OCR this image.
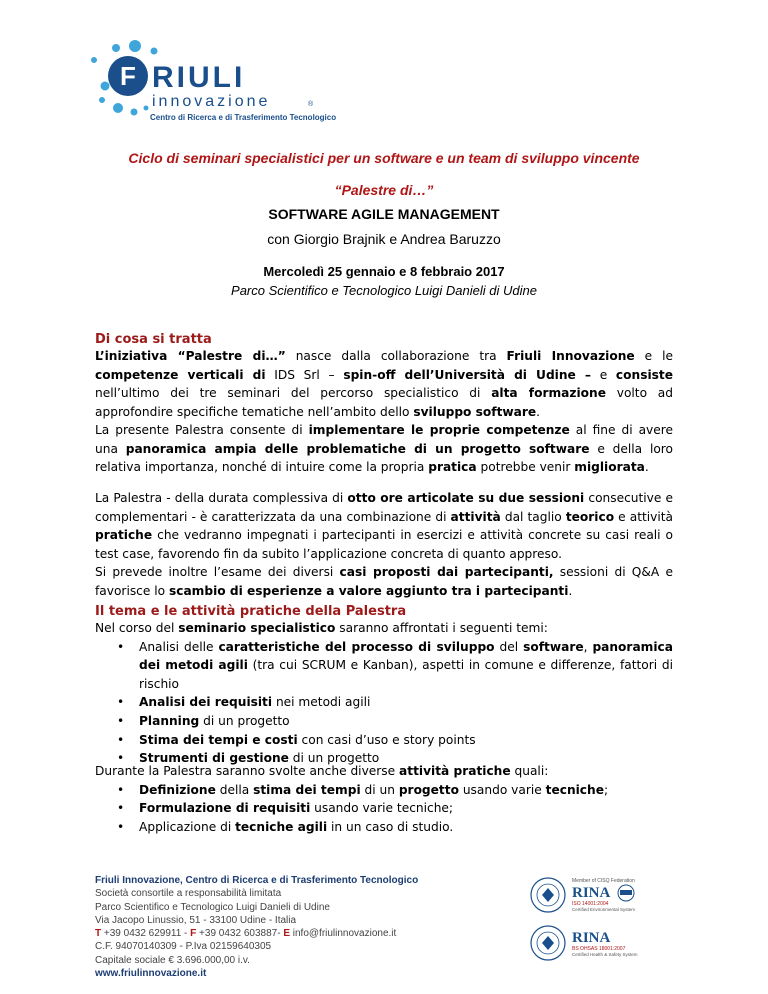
F RIULI
innovazione	®
Centro di Ricerca e di Trasferimento Tecnologico
Ciclo di seminari specialistici per un software e un team di sviluppo vincente
“Palestre di…”
SOFTWARE AGILE MANAGEMENT
con Giorgio Brajnik e Andrea Baruzzo
Mercoledì 25 gennaio e 8 febbraio 2017
Parco Scientifico e Tecnologico Luigi Danieli di Udine
Di cosa si tratta
L’iniziativa “Palestre di…” nasce dalla collaborazione tra Friuli Innovazione e le competenze verticali di IDS Srl – spin-off dell’Università di Udine – e consiste nell’ultimo dei tre seminari del percorso specialistico di alta formazione volto ad approfondire specifiche tematiche nell’ambito dello sviluppo software.
La presente Palestra consente di implementare le proprie competenze al fine di avere una panoramica ampia delle problematiche di un progetto software e della loro relativa importanza, nonché di intuire come la propria pratica potrebbe venir migliorata.
La Palestra - della durata complessiva di otto ore articolate su due sessioni consecutive e complementari - è caratterizzata da una combinazione di attività dal taglio teorico e attività pratiche che vedranno impegnati i partecipanti in esercizi e attività concrete su casi reali o test case, favorendo fin da subito l’applicazione concreta di quanto appreso.
Si prevede inoltre l’esame dei diversi casi proposti dai partecipanti, sessioni di Q&A e favorisce lo scambio di esperienze a valore aggiunto tra i partecipanti.
Il tema e le attività pratiche della Palestra
Nel corso del seminario specialistico saranno affrontati i seguenti temi:
• Analisi delle caratteristiche del processo di sviluppo del software, panoramica dei metodi agili (tra cui SCRUM e Kanban), aspetti in comune e differenze, fattori di rischio
• Analisi dei requisiti nei metodi agili
• Planning di un progetto
• Stima dei tempi e costi con casi d’uso e story points
• Strumenti di gestione di un progetto
Durante la Palestra saranno svolte anche diverse attività pratiche quali:
• Definizione della stima dei tempi di un progetto usando varie tecniche;
• Formulazione di requisiti usando varie tecniche;
• Applicazione di tecniche agili in un caso di studio.
Friuli Innovazione, Centro di Ricerca e di Trasferimento Tecnologico
Società consortile a responsabilità limitata
Parco Scientifico e Tecnologico Luigi Danieli di Udine
Via Jacopo Linussio, 51 - 33100 Udine - Italia
T +39 0432 629911 - F +39 0432 603887- E info@friulinnovazione.it
C.F. 94070140309 - P.Iva 02159640305
Capitale sociale € 3.696.000,00 i.v.
www.friulinnovazione.it
Member of CISQ Federation
RINA
ISO 14001:2004
Certified Environmental System
RINA
BS OHSAS 18001:2007
Certified Health & Safety System
